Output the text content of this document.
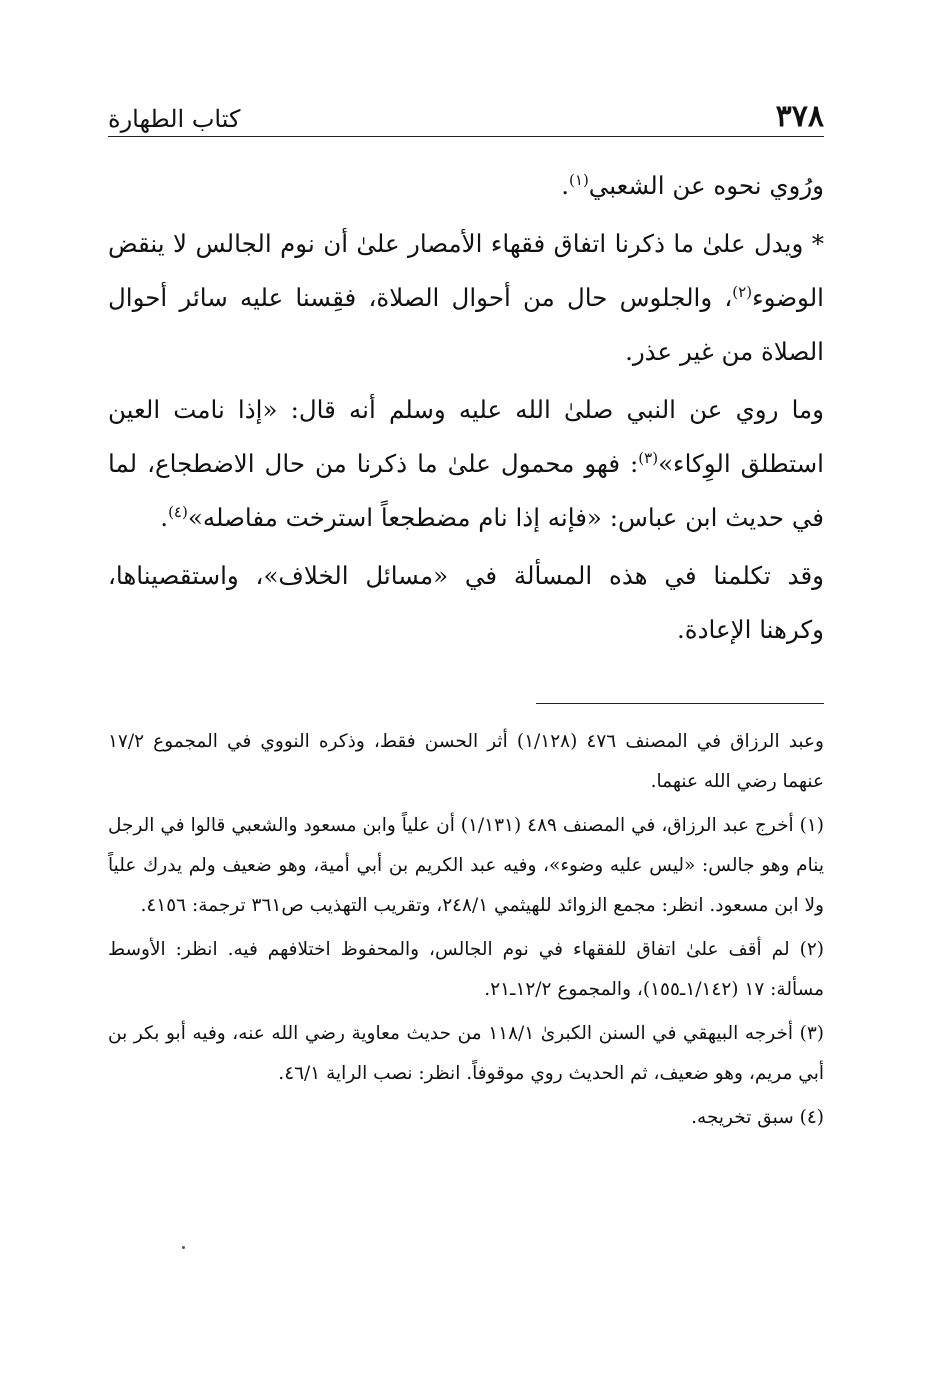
٣٧٨
كتاب الطهارة

ورُوي نحوه عن الشعبي$^{(١)}$.

* ويدل علىٰ ما ذكرنا اتفاق فقهاء الأمصار علىٰ أن نوم الجالس لا ينقض الوضوء$^{(٢)}$، والجلوس حال من أحوال الصلاة، فقِسنا عليه سائر أحوال الصلاة من غير عذر.

وما روي عن النبي صلىٰ الله عليه وسلم أنه قال: «إذا نامت العين استطلق الوِكاء»$^{(٣)}$: فهو محمول علىٰ ما ذكرنا من حال الاضطجاع، لما في حديث ابن عباس: «فإنه إذا نام مضطجعاً استرخت مفاصله»$^{(٤)}$.

وقد تكلمنا في هذه المسألة في «مسائل الخلاف»، واستقصيناها، وكرهنا الإعادة.

وعبد الرزاق في المصنف ٤٧٦ (١/١٢٨) أثر الحسن فقط، وذكره النووي في المجموع ١٧/٢ عنهما رضي الله عنهما.

(١) أخرج عبد الرزاق، في المصنف ٤٨٩ (١/١٣١) أن علياً وابن مسعود والشعبي قالوا في الرجل ينام وهو جالس: «ليس عليه وضوء»، وفيه عبد الكريم بن أبي أمية، وهو ضعيف ولم يدرك علياً ولا ابن مسعود. انظر: مجمع الزوائد للهيثمي ٢٤٨/١، وتقريب التهذيب ص٣٦١ ترجمة: ٤١٥٦.

(٢) لم أقف علىٰ اتفاق للفقهاء في نوم الجالس، والمحفوظ اختلافهم فيه. انظر: الأوسط مسألة: ١٧ (١/١٤٢ـ١٥٥)، والمجموع ١٢/٢ـ٢١.

(٣) أخرجه البيهقي في السنن الكبرىٰ ١١٨/١ من حديث معاوية رضي الله عنه، وفيه أبو بكر بن أبي مريم، وهو ضعيف، ثم الحديث روي موقوفاً. انظر: نصب الراية ٤٦/١.

(٤) سبق تخريجه.
